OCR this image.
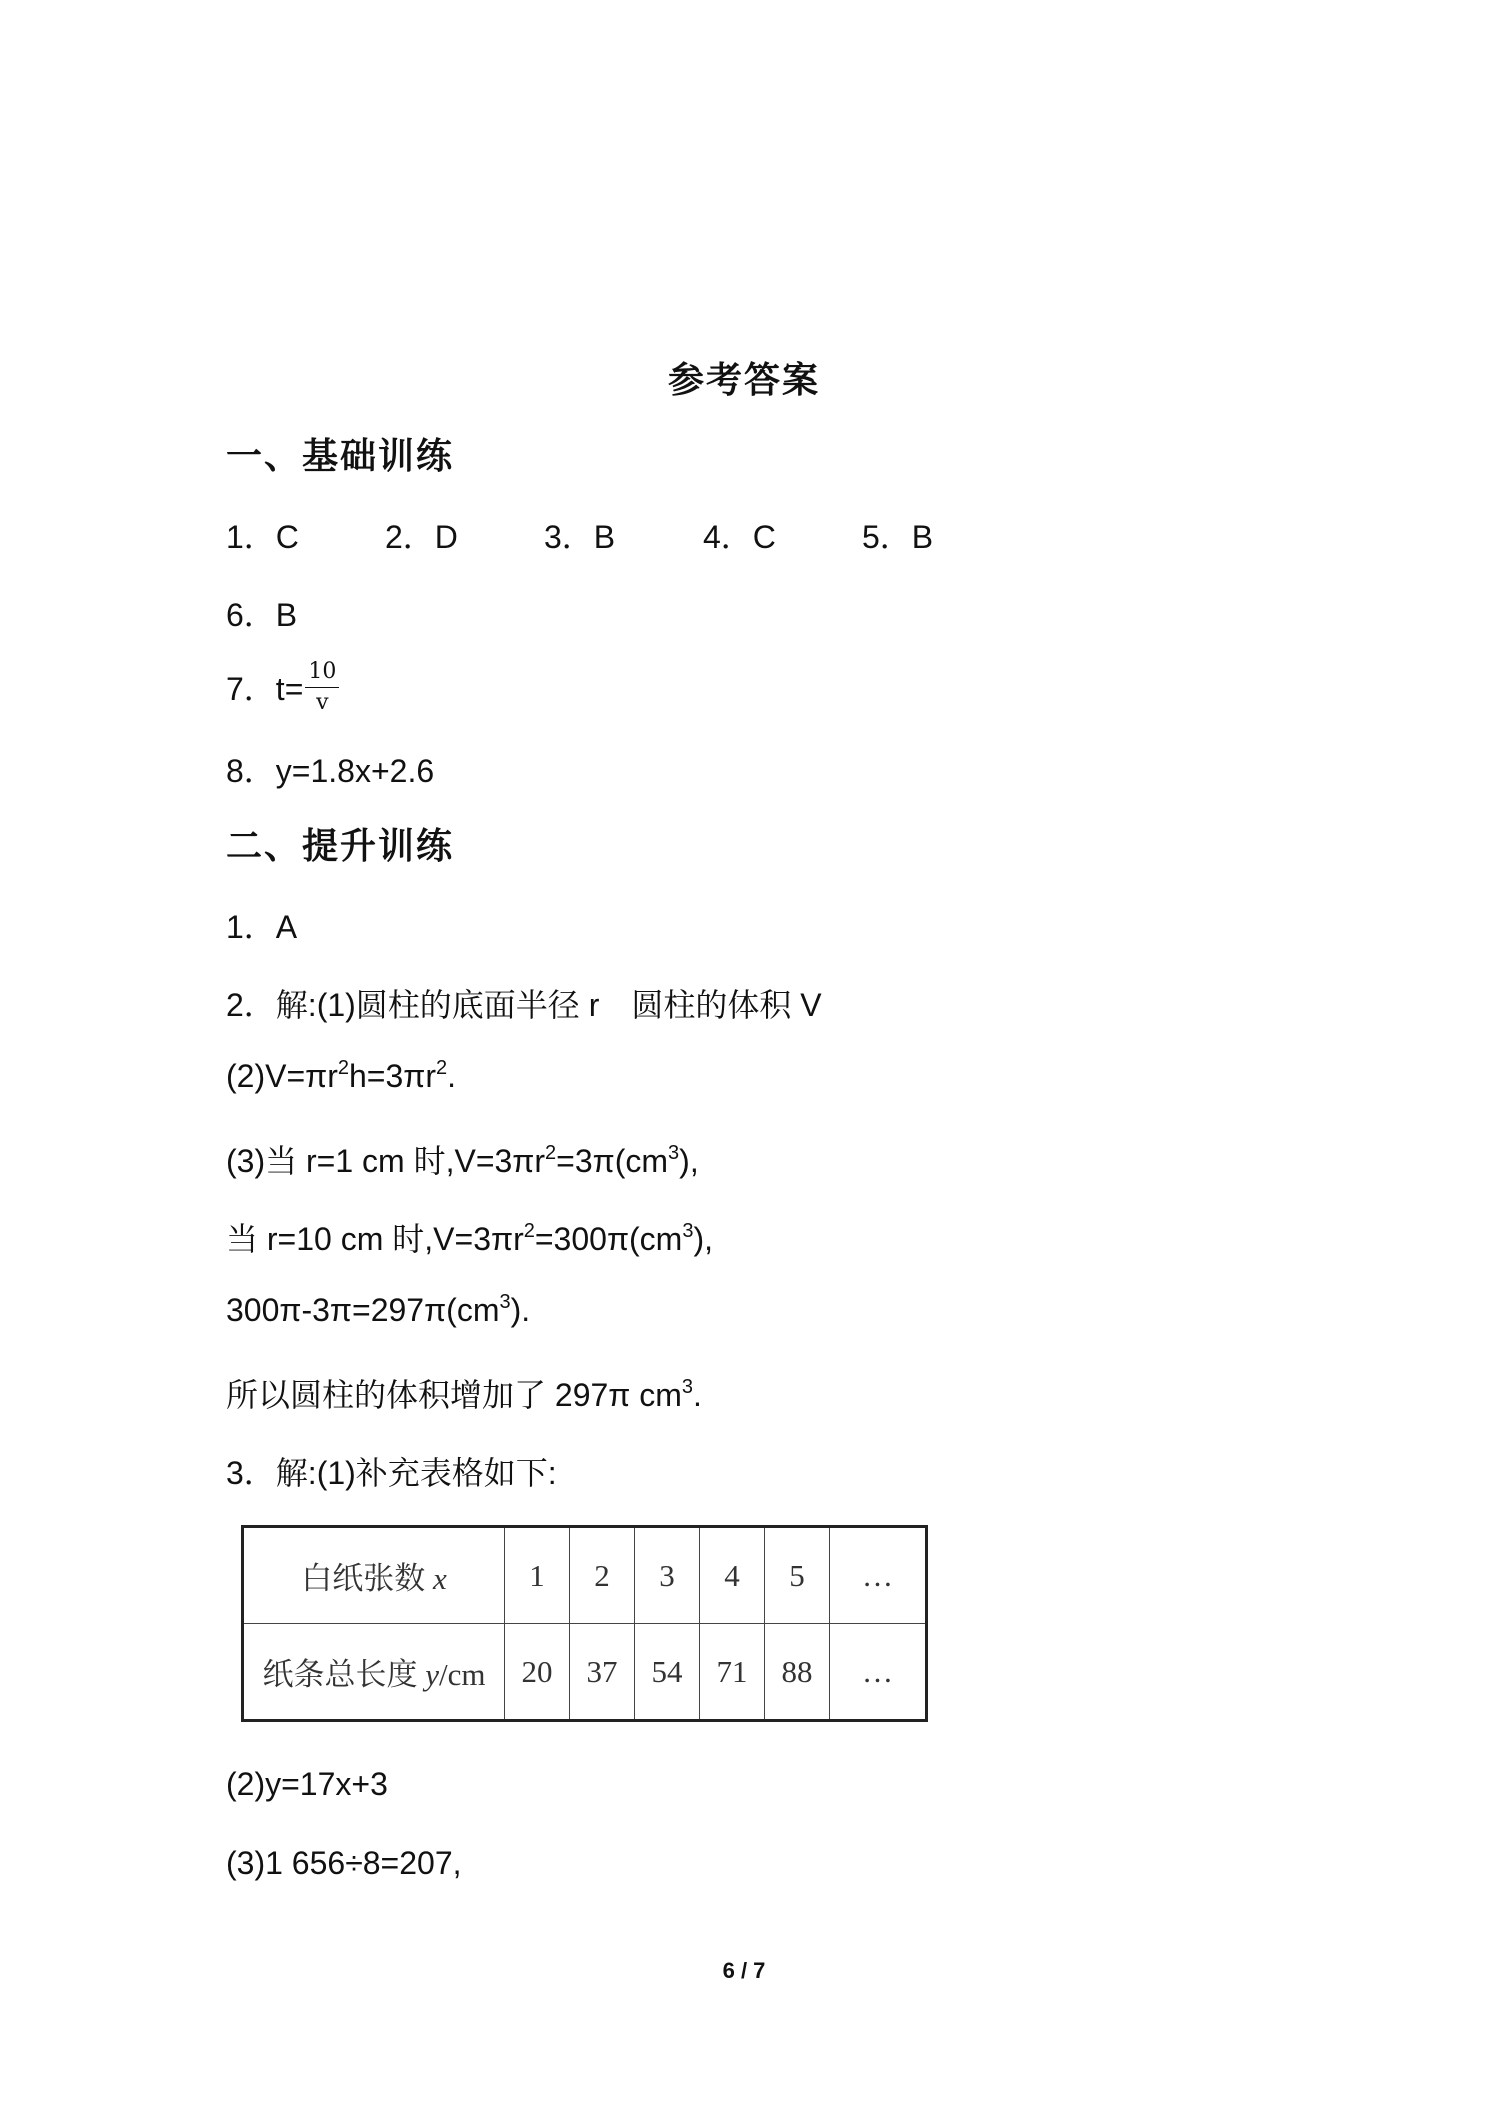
参考答案
一、基础训练
1．C	2．D	3．B	4．C	5．B
6．B
7．$t= \frac{10}{v}$
8．y=1.8x+2.6
二、提升训练
1．A
2．解:(1)圆柱的底面半径 r　圆柱的体积 V
$(2)V=\pi r^2h=3\pi r^2$.
(3)当 r=1 cm 时$,V=3\pi r^2=3\pi(cm^3)$,
当 r=10 cm 时$,V=3\pi r^2=300\pi(cm^3)$,
$300\pi-3\pi=297\pi(cm^3)$.
所以圆柱的体积增加了 297π $cm^3$.
3．解:(1)补充表格如下:
白纸张数 x	1	2	3	4	5	…
纸条总长度 y/cm	20	37	54	71	88	…
(2)y=17x+3
(3)1 656÷8=207,
6 / 7
